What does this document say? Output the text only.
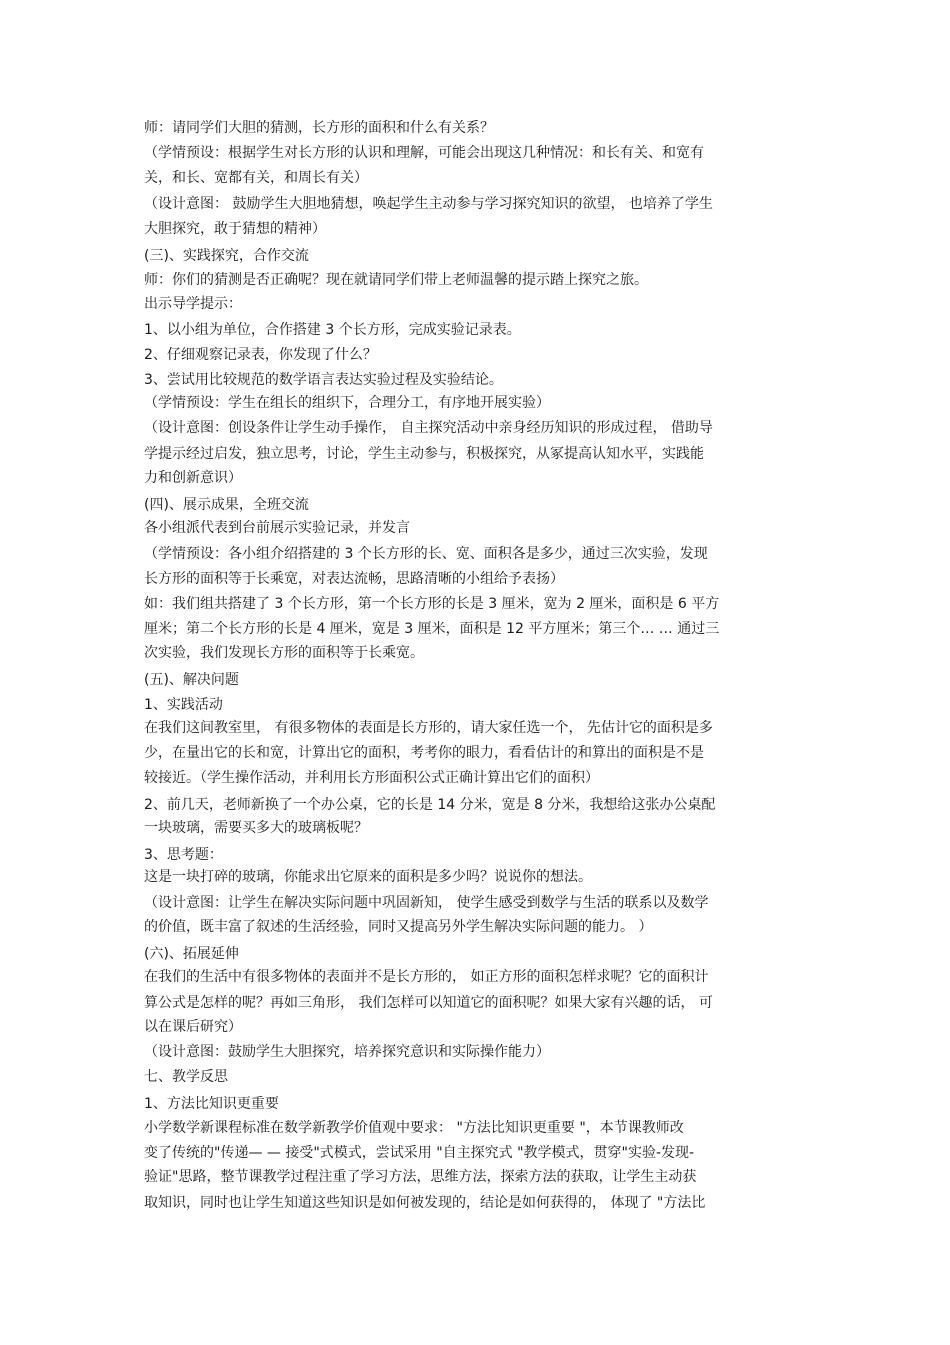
师：请同学们大胆的猜测，长方形的面积和什么有关系？
（学情预设：根据学生对长方形的认识和理解，可能会出现这几种情况：和长有关、和宽有
关，和长、宽都有关，和周长有关）
（设计意图： 鼓励学生大胆地猜想，唤起学生主动参与学习探究知识的欲望， 也培养了学生
大胆探究，敢于猜想的精神）
(三)、实践探究，合作交流
师：你们的猜测是否正确呢？现在就请同学们带上老师温馨的提示踏上探究之旅。
出示导学提示：
1、以小组为单位，合作搭建 3 个长方形，完成实验记录表。
2、仔细观察记录表，你发现了什么？
3、尝试用比较规范的数学语言表达实验过程及实验结论。
（学情预设：学生在组长的组织下，合理分工，有序地开展实验）
（设计意图：创设条件让学生动手操作， 自主探究活动中亲身经历知识的形成过程， 借助导
学提示经过启发，独立思考，讨论，学生主动参与，积极探究，从冢提高认知水平，实践能
力和创新意识）
(四)、展示成果，全班交流
各小组派代表到台前展示实验记录，并发言
（学情预设：各小组介绍搭建的 3 个长方形的长、宽、面积各是多少，通过三次实验，发现
长方形的面积等于长乘宽，对表达流畅，思路清晰的小组给予表扬）
如：我们组共搭建了 3 个长方形，第一个长方形的长是 3 厘米，宽为 2 厘米，面积是 6 平方
厘米；第二个长方形的长是 4 厘米，宽是 3 厘米，面积是 12 平方厘米；第三个… … 通过三
次实验，我们发现长方形的面积等于长乘宽。
(五)、解决问题
1、实践活动
在我们这间教室里， 有很多物体的表面是长方形的，请大家任选一个， 先估计它的面积是多
少，在量出它的长和宽，计算出它的面积，考考你的眼力，看看估计的和算出的面积是不是
较接近。（学生操作活动，并利用长方形面积公式正确计算出它们的面积）
2、前几天，老师新换了一个办公桌，它的长是 14 分米，宽是 8 分米，我想给这张办公桌配
一块玻璃，需要买多大的玻璃板呢？
3、思考题：
这是一块打碎的玻璃，你能求出它原来的面积是多少吗？说说你的想法。
（设计意图：让学生在解决实际问题中巩固新知， 使学生感受到数学与生活的联系以及数学
的价值，既丰富了叙述的生活经验，同时又提高另外学生解决实际问题的能力。 ）
(六)、拓展延伸
在我们的生活中有很多物体的表面并不是长方形的， 如正方形的面积怎样求呢？它的面积计
算公式是怎样的呢？再如三角形， 我们怎样可以知道它的面积呢？如果大家有兴趣的话， 可
以在课后研究）
（设计意图：鼓励学生大胆探究，培养探究意识和实际操作能力）
七、教学反思
1、方法比知识更重要
小学数学新课程标准在数学新教学价值观中要求： "方法比知识更重要 "，本节课教师改
变了传统的"传递— — 接受"式模式，尝试采用 "自主探究式 "教学模式，贯穿"实验-发现-
验证"思路，整节课教学过程注重了学习方法，思维方法，探索方法的获取，让学生主动获
取知识，同时也让学生知道这些知识是如何被发现的，结论是如何获得的， 体现了 "方法比
